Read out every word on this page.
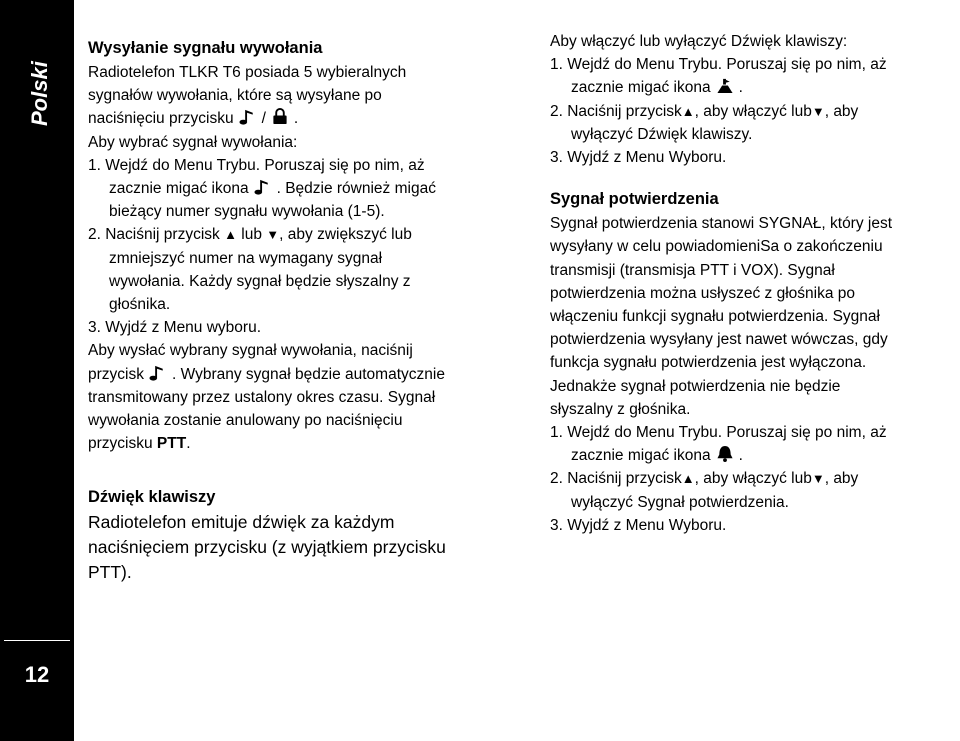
Polski
12

Wysyłanie sygnału wywołania

Radiotelefon TLKR T6 posiada 5 wybieralnych

sygnałów wywołania, które są wysyłane po

naciśnięciu przycisku / .

Aby wybrać sygnał wywołania:

1. Wejdź do Menu Trybu. Poruszaj się po nim, aż

zacznie migać ikona . Będzie również migać

bieżący numer sygnału wywołania (1-5).

2. Naciśnij przycisk ▲ lub ▼, aby zwiększyć lub

zmniejszyć numer na wymagany sygnał

wywołania. Każdy sygnał będzie słyszalny z

głośnika.

3. Wyjdź z Menu wyboru.

Aby wysłać wybrany sygnał wywołania, naciśnij

przycisk . Wybrany sygnał będzie automatycznie

transmitowany przez ustalony okres czasu. Sygnał

wywołania zostanie anulowany po naciśnięciu

przycisku PTT.

Dźwięk klawiszy

Radiotelefon emituje dźwięk za każdym

naciśnięciem przycisku (z wyjątkiem przycisku

PTT).

Aby włączyć lub wyłączyć Dźwięk klawiszy:

1. Wejdź do Menu Trybu. Poruszaj się po nim, aż

zacznie migać ikona .

2. Naciśnij przycisk▲, aby włączyć lub▼, aby

wyłączyć Dźwięk klawiszy.

3. Wyjdź z Menu Wyboru.

Sygnał potwierdzenia

Sygnał potwierdzenia stanowi SYGNAŁ, który jest

wysyłany w celu powiadomieniSa o zakończeniu

transmisji (transmisja PTT i VOX). Sygnał

potwierdzenia można usłyszeć z głośnika po

włączeniu funkcji sygnału potwierdzenia. Sygnał

potwierdzenia wysyłany jest nawet wówczas, gdy

funkcja sygnału potwierdzenia jest wyłączona.

Jednakże sygnał potwierdzenia nie będzie

słyszalny z głośnika.

1. Wejdź do Menu Trybu. Poruszaj się po nim, aż

zacznie migać ikona .

2. Naciśnij przycisk▲, aby włączyć lub▼, aby

wyłączyć Sygnał potwierdzenia.

3. Wyjdź z Menu Wyboru.
